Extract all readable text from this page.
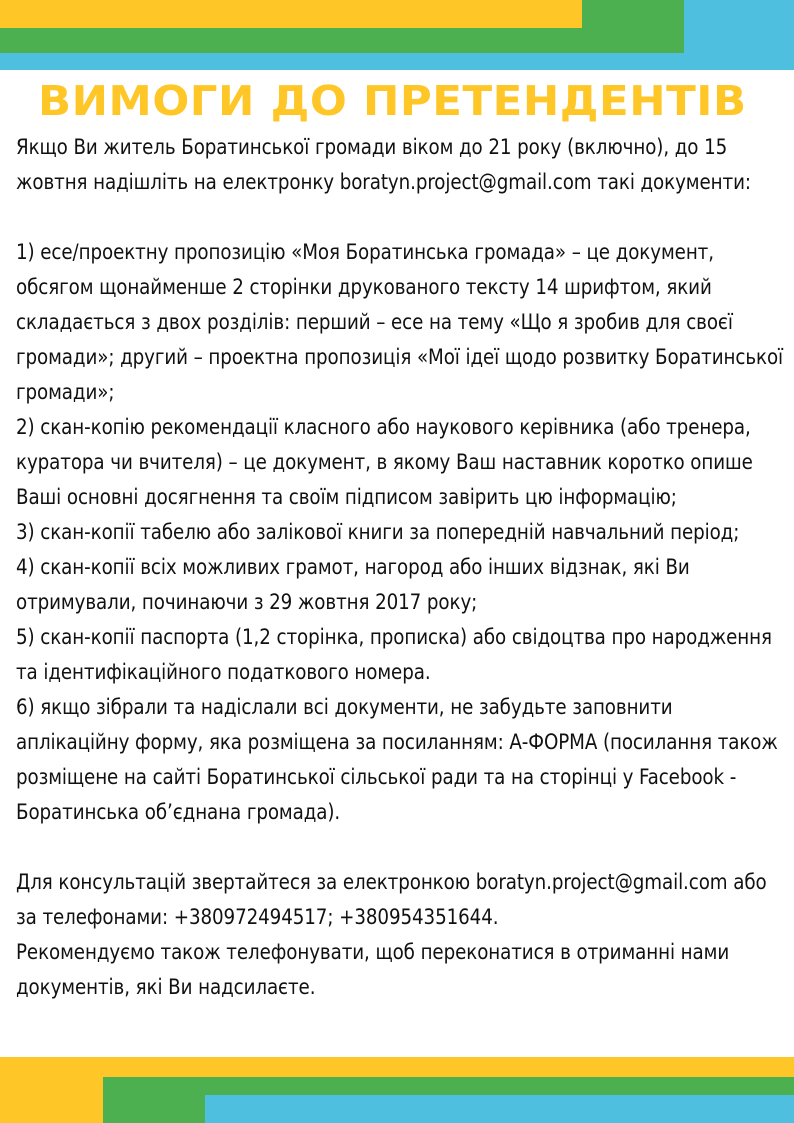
ВИМОГИ ДО ПРЕТЕНДЕНТІВ

Якщо Ви житель Боратинської громади віком до 21 року (включно), до 15 жовтня надішліть на електронку boratyn.project@gmail.com такі документи:

1) есе/проектну пропозицію «Моя Боратинська громада» – це документ, обсягом щонайменше 2 сторінки друкованого тексту 14 шрифтом, який складається з двох розділів: перший – есе на тему «Що я зробив для своєї громади»; другий – проектна пропозиція «Мої ідеї щодо розвитку Боратинської громади»;

2) скан-копію рекомендації класного або наукового керівника (або тренера, куратора чи вчителя) – це документ, в якому Ваш наставник коротко опише Ваші основні досягнення та своїм підписом завірить цю інформацію;

3) скан-копії табелю або залікової книги за попередній навчальний період;

4) скан-копії всіх можливих грамот, нагород або інших відзнак, які Ви отримували, починаючи з 29 жовтня 2017 року;

5) скан-копії паспорта (1,2 сторінка, прописка) або свідоцтва про народження та ідентифікаційного податкового номера.

6) якщо зібрали та надіслали всі документи, не забудьте заповнити аплікаційну форму, яка розміщена за посиланням: А-ФОРМА (посилання також розміщене на сайті Боратинської сільської ради та на сторінці у Facebook - Боратинська об’єднана громада).

Для консультацій звертайтеся за електронкою boratyn.project@gmail.com або за телефонами: +380972494517; +380954351644.

Рекомендуємо також телефонувати, щоб переконатися в отриманні нами документів, які Ви надсилаєте.
